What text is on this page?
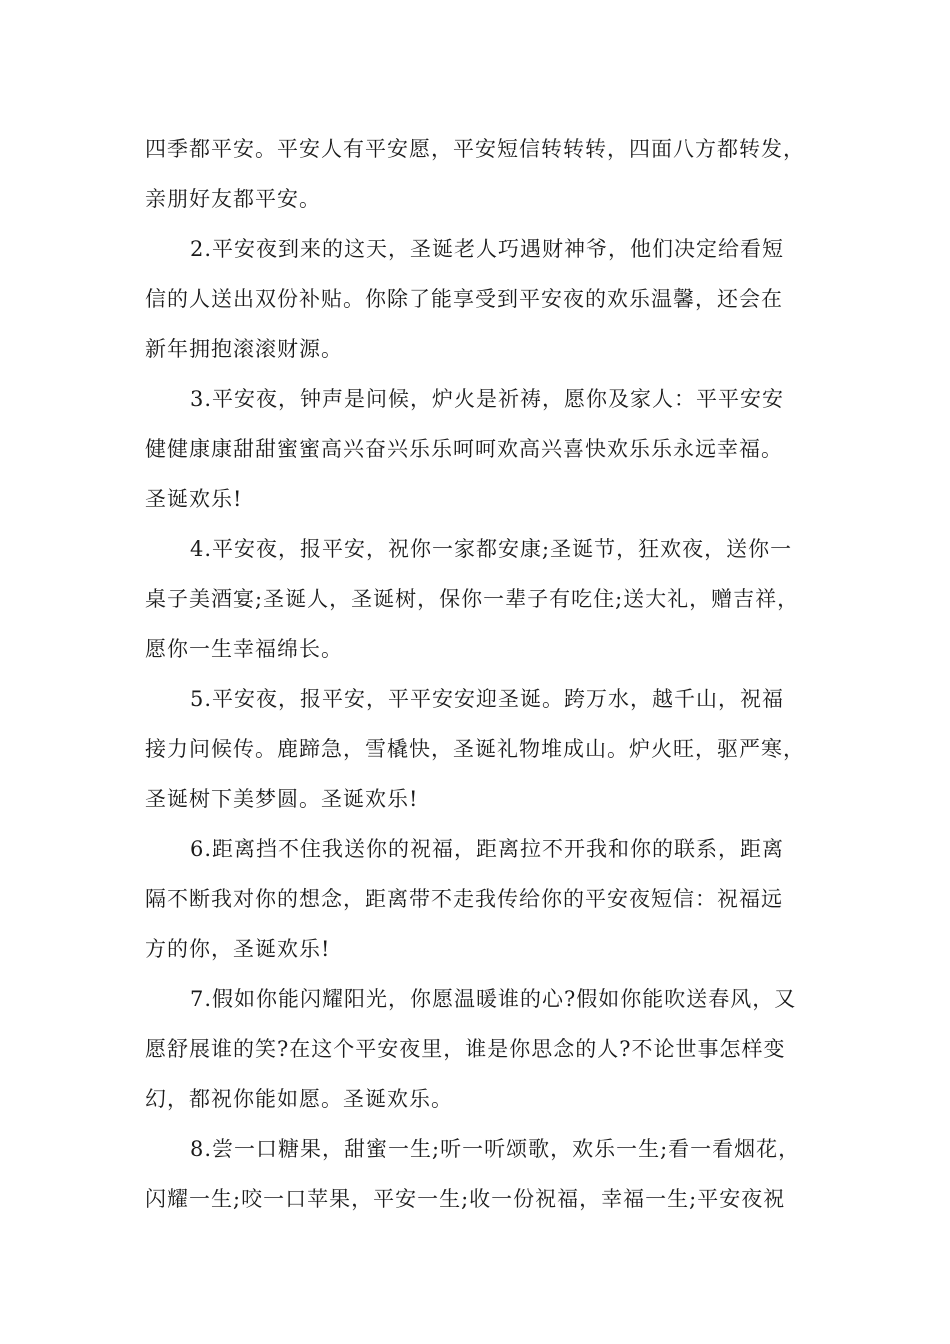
四季都平安。平安人有平安愿，平安短信转转转，四面八方都转发，
亲朋好友都平安。
2.平安夜到来的这天，圣诞老人巧遇财神爷，他们决定给看短
信的人送出双份补贴。你除了能享受到平安夜的欢乐温馨，还会在
新年拥抱滚滚财源。
3.平安夜，钟声是问候，炉火是祈祷，愿你及家人：平平安安
健健康康甜甜蜜蜜高兴奋兴乐乐呵呵欢高兴喜快欢乐乐永远幸福。
圣诞欢乐!
4.平安夜，报平安，祝你一家都安康;圣诞节，狂欢夜，送你一
桌子美酒宴;圣诞人，圣诞树，保你一辈子有吃住;送大礼，赠吉祥，
愿你一生幸福绵长。
5.平安夜，报平安，平平安安迎圣诞。跨万水，越千山，祝福
接力问候传。鹿蹄急，雪橇快，圣诞礼物堆成山。炉火旺，驱严寒，
圣诞树下美梦圆。圣诞欢乐!
6.距离挡不住我送你的祝福，距离拉不开我和你的联系，距离
隔不断我对你的想念，距离带不走我传给你的平安夜短信：祝福远
方的你，圣诞欢乐!
7.假如你能闪耀阳光，你愿温暖谁的心?假如你能吹送春风，又
愿舒展谁的笑?在这个平安夜里，谁是你思念的人?不论世事怎样变
幻，都祝你能如愿。圣诞欢乐。
8.尝一口糖果，甜蜜一生;听一听颂歌，欢乐一生;看一看烟花，
闪耀一生;咬一口苹果，平安一生;收一份祝福，幸福一生;平安夜祝
